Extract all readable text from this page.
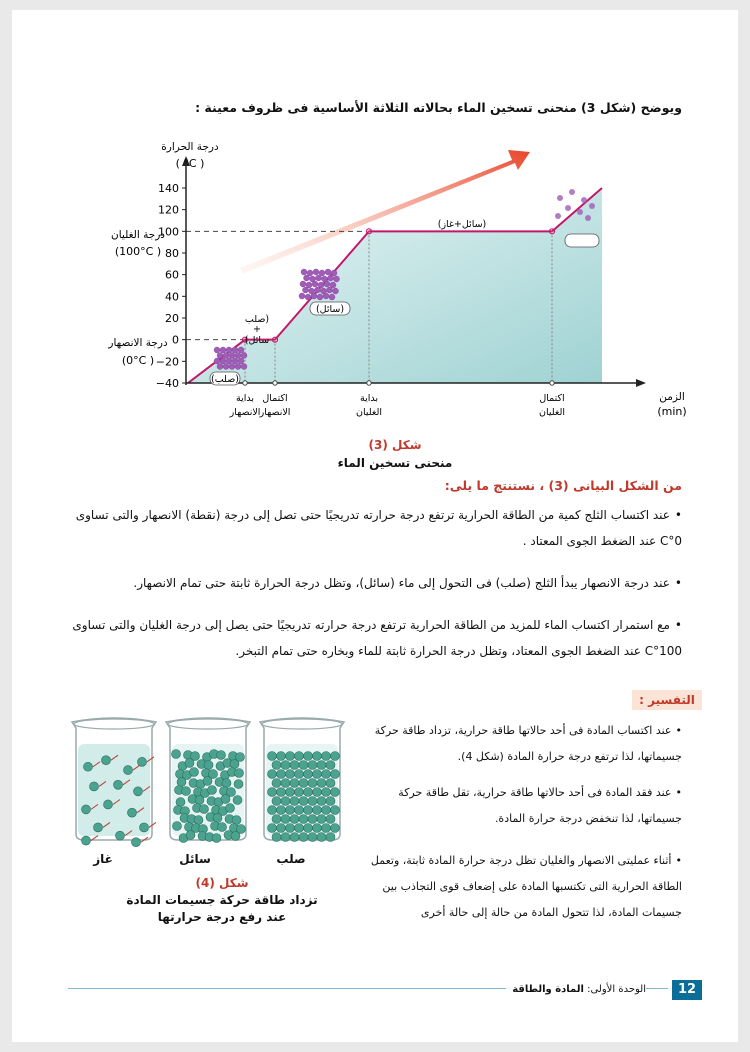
ويوضح (شكل 3) منحنى تسخين الماء بحالاته الثلاثة الأساسية فى ظروف معينة :
140
120
100
80
60
40
20
0
−20
−40
بداية
الانصهار
اكتمال
الانصهار
بداية
الغليان
اكتمال
الغليان
درجة الحرارة
( °C )
الزمن
(min)
درجة الغليان
(100°C )
درجة الانصهار
(0°C )
(صلب)
(صلب
+
سائل)
(سائل)
(سائل+غاز)
شكل (3)
منحنى تسخين الماء
من الشكل البيانى (3) ، نستنتج ما يلى:
• عند اكتساب الثلج كمية من الطاقة الحرارية ترتفع درجة حرارته تدريجيًا حتى تصل إلى درجة (نقطة) الانصهار والتى تساوى 0°C عند الضغط الجوى المعتاد .
• عند درجة الانصهار يبدأ الثلج (صلب) فى التحول إلى ماء (سائل)، وتظل درجة الحرارة ثابتة حتى تمام الانصهار.
• مع استمرار اكتساب الماء للمزيد من الطاقة الحرارية ترتفع درجة حرارته تدريجيًا حتى يصل إلى درجة الغليان والتى تساوى 100°C عند الضغط الجوى المعتاد، وتظل درجة الحرارة ثابتة للماء وبخاره حتى تمام التبخر.
التفسير :
• عند اكتساب المادة فى أحد حالاتها طاقة حرارية، تزداد طاقة حركة جسيماتها، لذا ترتفع درجة حرارة المادة (شكل 4).
• عند فقد المادة فى أحد حالاتها طاقة حرارية، تقل طاقة حركة جسيماتها، لذا تنخفض درجة حرارة المادة.
• أثناء عمليتى الانصهار والغليان تظل درجة حرارة المادة ثابتة، وتعمل الطاقة الحرارية التى تكتسبها المادة على إضعاف قوى التجاذب بين جسيمات المادة، لذا تتحول المادة من حالة إلى حالة أخرى
غاز	سائل	صلب
شكل (4)
تزداد طاقة حركة جسيمات المادة
عند رفع درجة حرارتها
الوحدة الأولى: المادة والطاقة	12
